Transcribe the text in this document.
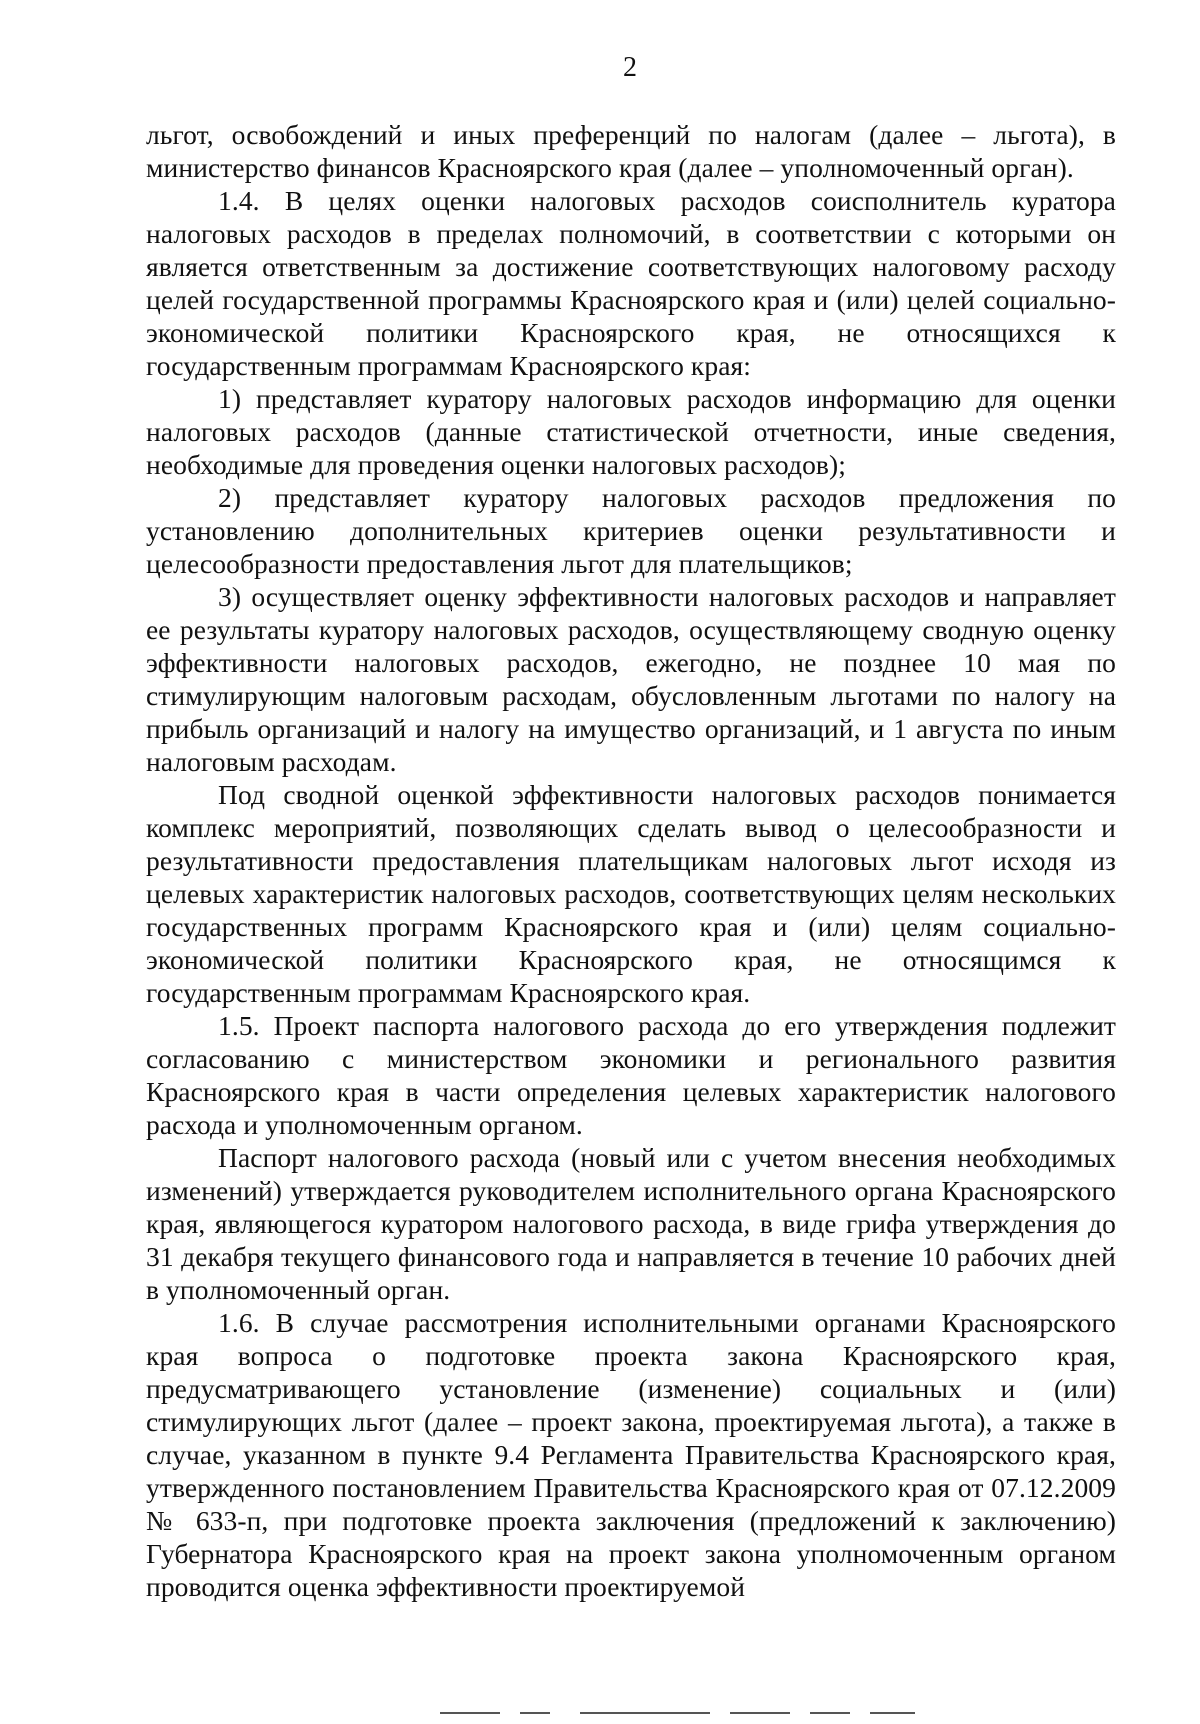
2

льгот, освобождений и иных преференций по налогам (далее – льгота), в министерство финансов Красноярского края (далее – уполномоченный орган).

1.4. В целях оценки налоговых расходов соисполнитель куратора налоговых расходов в пределах полномочий, в соответствии с которыми он является ответственным за достижение соответствующих налоговому расходу целей государственной программы Красноярского края и (или) целей социально-экономической политики Красноярского края, не относящихся к государственным программам Красноярского края:

1) представляет куратору налоговых расходов информацию для оценки налоговых расходов (данные статистической отчетности, иные сведения, необходимые для проведения оценки налоговых расходов);

2) представляет куратору налоговых расходов предложения по установлению дополнительных критериев оценки результативности и целесообразности предоставления льгот для плательщиков;

3) осуществляет оценку эффективности налоговых расходов и направляет ее результаты куратору налоговых расходов, осуществляющему сводную оценку эффективности налоговых расходов, ежегодно, не позднее 10 мая по стимулирующим налоговым расходам, обусловленным льготами по налогу на прибыль организаций и налогу на имущество организаций, и 1 августа по иным налоговым расходам.

Под сводной оценкой эффективности налоговых расходов понимается комплекс мероприятий, позволяющих сделать вывод о целесообразности и результативности предоставления плательщикам налоговых льгот исходя из целевых характеристик налоговых расходов, соответствующих целям нескольких государственных программ Красноярского края и (или) целям социально-экономической политики Красноярского края, не относящимся к государственным программам Красноярского края.

1.5. Проект паспорта налогового расхода до его утверждения подлежит согласованию с министерством экономики и регионального развития Красноярского края в части определения целевых характеристик налогового расхода и уполномоченным органом.

Паспорт налогового расхода (новый или с учетом внесения необходимых изменений) утверждается руководителем исполнительного органа Красноярского края, являющегося куратором налогового расхода, в виде грифа утверждения до 31 декабря текущего финансового года и направляется в течение 10 рабочих дней в уполномоченный орган.

1.6. В случае рассмотрения исполнительными органами Красноярского края вопроса о подготовке проекта закона Красноярского края, предусматривающего установление (изменение) социальных и (или) стимулирующих льгот (далее – проект закона, проектируемая льгота), а также в случае, указанном в пункте 9.4 Регламента Правительства Красноярского края, утвержденного постановлением Правительства Красноярского края от 07.12.2009 № 633-п, при подготовке проекта заключения (предложений к заключению) Губернатора Красноярского края на проект закона уполномоченным органом проводится оценка эффективности проектируемой
